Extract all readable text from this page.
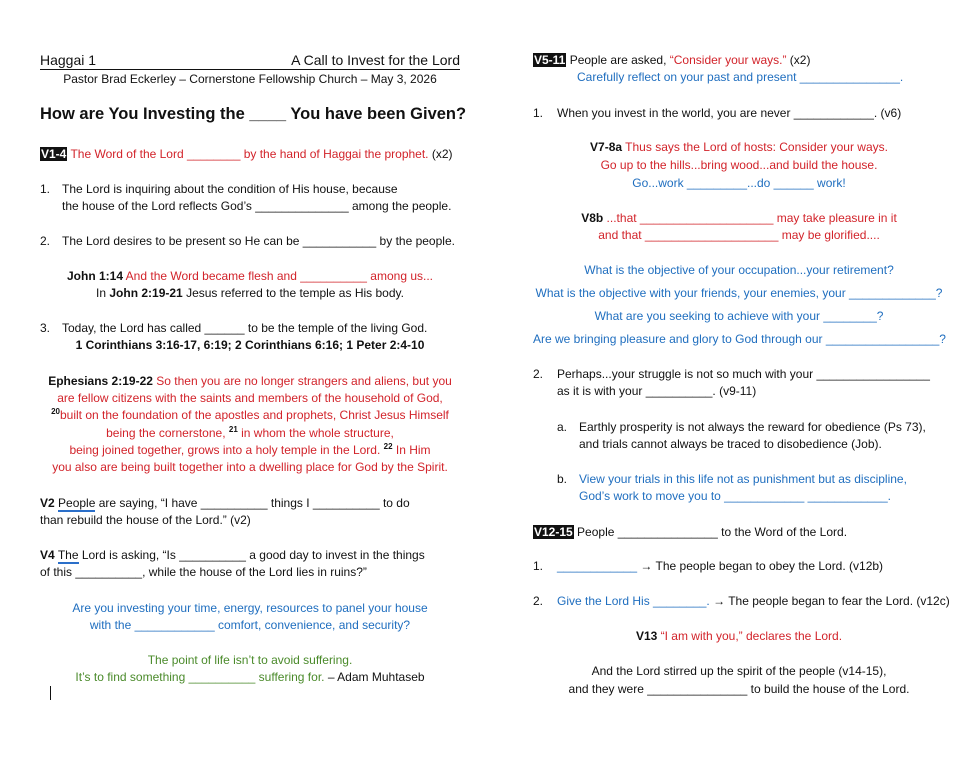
Haggai 1	A Call to Invest for the Lord
Pastor Brad Eckerley – Cornerstone Fellowship Church – May 3, 2026
How are You Investing the ____ You have been Given?
V1-4 The Word of the Lord ________ by the hand of Haggai the prophet. (x2)
1. The Lord is inquiring about the condition of His house, because
the house of the Lord reflects God’s ______________ among the people.
2. The Lord desires to be present so He can be ___________ by the people.
John 1:14 And the Word became flesh and __________ among us...
In John 2:19-21 Jesus referred to the temple as His body.
3. Today, the Lord has called ______ to be the temple of the living God.
1 Corinthians 3:16-17, 6:19; 2 Corinthians 6:16; 1 Peter 2:4-10
Ephesians 2:19-22 So then you are no longer strangers and aliens, but you
are fellow citizens with the saints and members of the household of God,
$^{20}$built on the foundation of the apostles and prophets, Christ Jesus Himself
being the cornerstone, $^{21}$ in whom the whole structure,
being joined together, grows into a holy temple in the Lord. $^{22}$ In Him
you also are being built together into a dwelling place for God by the Spirit.
V2 People are saying, “I have __________ things I __________ to do
than rebuild the house of the Lord.” (v2)
V4 The Lord is asking, “Is __________ a good day to invest in the things
of this __________, while the house of the Lord lies in ruins?”
Are you investing your time, energy, resources to panel your house
with the ____________ comfort, convenience, and security?
The point of life isn’t to avoid suffering.
It’s to find something __________ suffering for. – Adam Muhtaseb
V5-11 People are asked, “Consider your ways.” (x2)
Carefully reflect on your past and present _______________.
1. When you invest in the world, you are never ____________. (v6)
V7-8a Thus says the Lord of hosts: Consider your ways.
Go up to the hills...bring wood...and build the house.
Go...work _________...do ______ work!
V8b ...that ____________________ may take pleasure in it
and that ____________________ may be glorified....
What is the objective of your occupation...your retirement?
What is the objective with your friends, your enemies, your _____________?
What are you seeking to achieve with your ________?
Are we bringing pleasure and glory to God through our _________________?
2. Perhaps...your struggle is not so much with your _________________
as it is with your __________. (v9-11)
a. Earthly prosperity is not always the reward for obedience (Ps 73),
and trials cannot always be traced to disobedience (Job).
b. View your trials in this life not as punishment but as discipline,
God’s work to move you to ____________ ____________.
V12-15 People _______________ to the Word of the Lord.
1. ____________ → The people began to obey the Lord. (v12b)
2. Give the Lord His ________. → The people began to fear the Lord. (v12c)
V13 “I am with you,” declares the Lord.
And the Lord stirred up the spirit of the people (v14-15),
and they were _______________ to build the house of the Lord.
